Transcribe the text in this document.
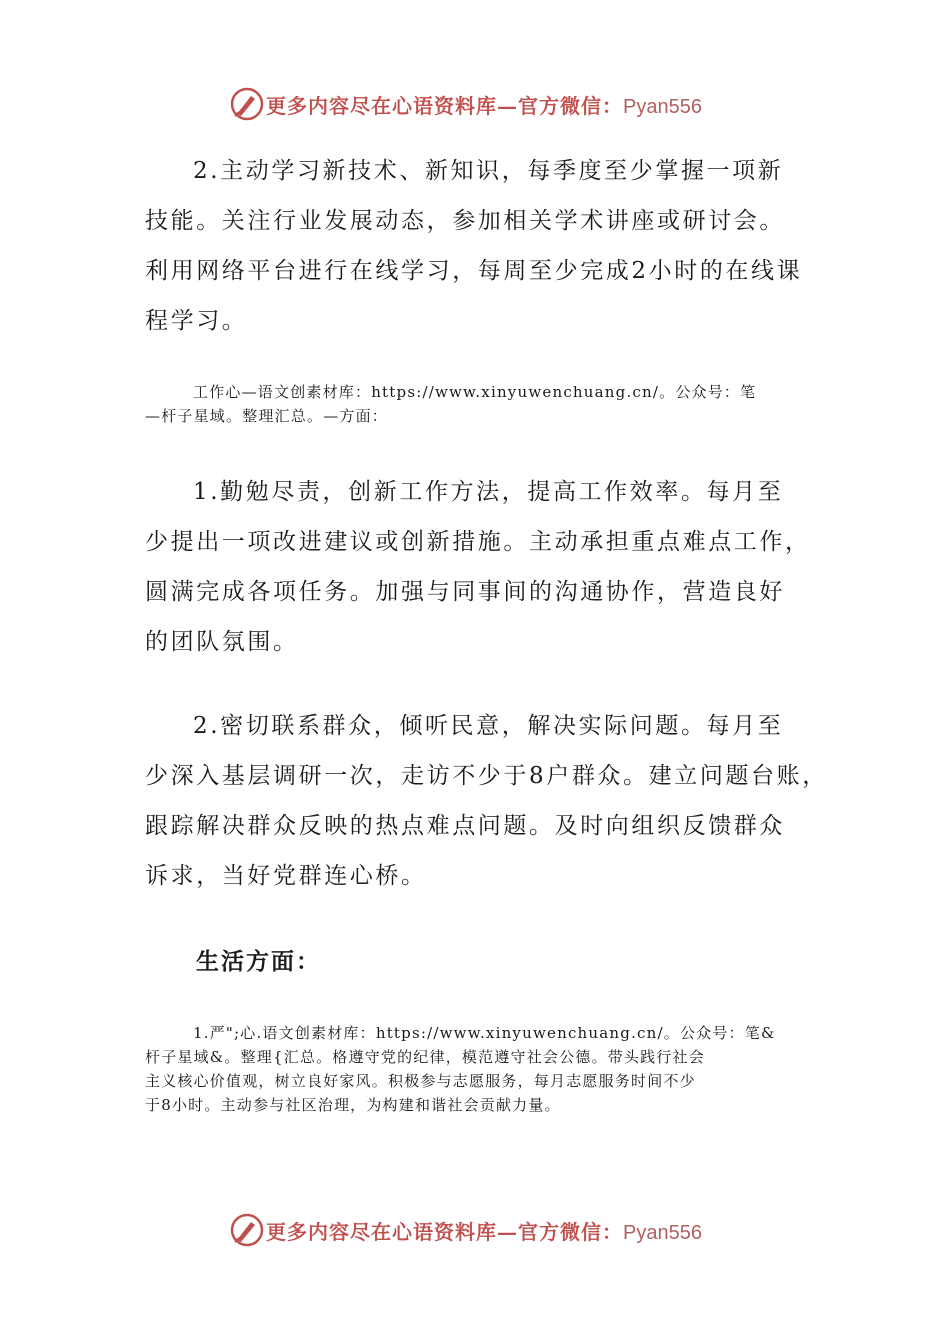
更多内容尽在心语资料库—官方微信：Pyan556

2.主动学习新技术、新知识，每季度至少掌握一项新
技能。关注行业发展动态，参加相关学术讲座或研讨会。
利用网络平台进行在线学习，每周至少完成2小时的在线课
程学习。

工作心—语文创素材库：https://www.xinyuwenchuang.cn/。公众号：笔
—杆子星域。整理汇总。—方面：

1.勤勉尽责，创新工作方法，提高工作效率。每月至
少提出一项改进建议或创新措施。主动承担重点难点工作，
圆满完成各项任务。加强与同事间的沟通协作，营造良好
的团队氛围。

2.密切联系群众，倾听民意，解决实际问题。每月至
少深入基层调研一次，走访不少于8户群众。建立问题台账，
跟踪解决群众反映的热点难点问题。及时向组织反馈群众
诉求，当好党群连心桥。

生活方面：

1.严";心.语文创素材库：https://www.xinyuwenchuang.cn/。公众号：笔&
杆子星域&。整理{汇总。格遵守党的纪律，模范遵守社会公德。带头践行社会
主义核心价值观，树立良好家风。积极参与志愿服务，每月志愿服务时间不少
于8小时。主动参与社区治理，为构建和谐社会贡献力量。

更多内容尽在心语资料库—官方微信：Pyan556
